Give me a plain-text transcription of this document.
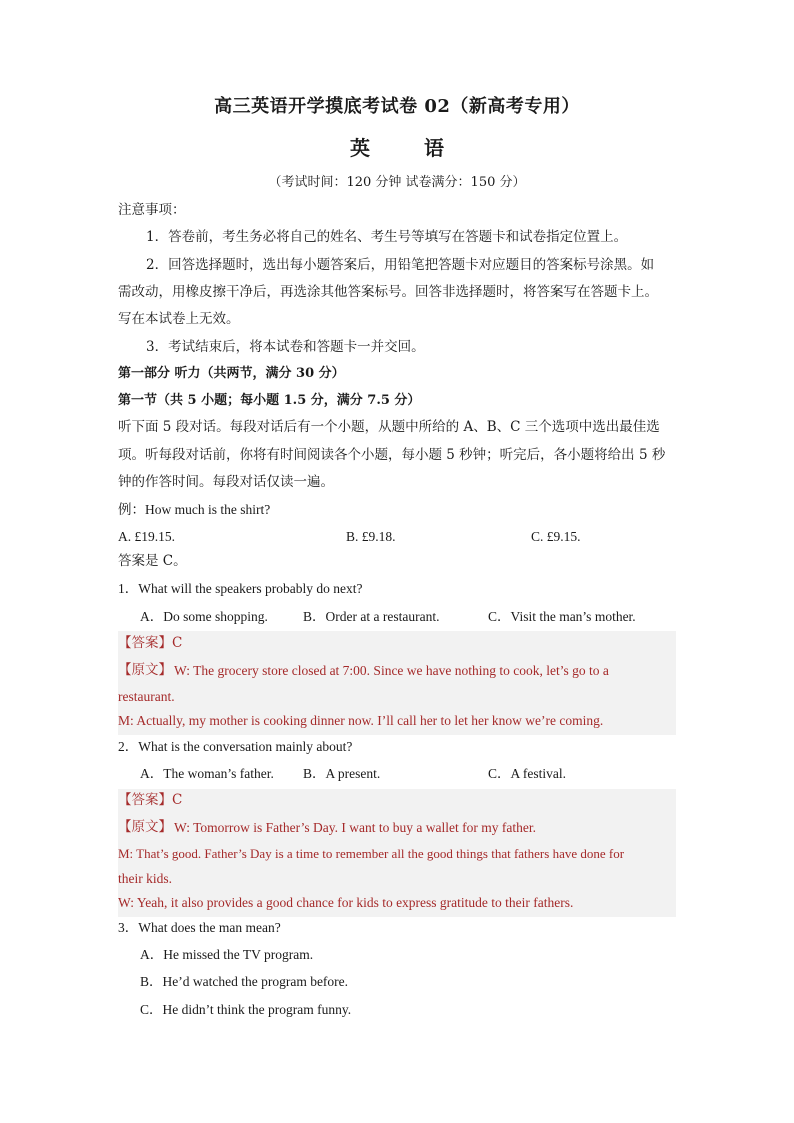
高三英语开学摸底考试卷 02（新高考专用）
英	语
（考试时间：120 分钟 试卷满分：150 分）
注意事项：
1．答卷前，考生务必将自己的姓名、考生号等填写在答题卡和试卷指定位置上。
2．回答选择题时，选出每小题答案后，用铅笔把答题卡对应题目的答案标号涂黑。如
需改动，用橡皮擦干净后，再选涂其他答案标号。回答非选择题时，将答案写在答题卡上。
写在本试卷上无效。
3．考试结束后，将本试卷和答题卡一并交回。
第一部分 听力（共两节，满分 30 分）
第一节（共 5 小题；每小题 1.5 分，满分 7.5 分）
听下面 5 段对话。每段对话后有一个小题，从题中所给的 A、B、C 三个选项中选出最佳选
项。听每段对话前，你将有时间阅读各个小题，每小题 5 秒钟；听完后，各小题将给出 5 秒
钟的作答时间。每段对话仅读一遍。
例：How much is the shirt?
A. £19.15.	B. £9.18.	C. £9.15.
答案是 C。
1．What will the speakers probably do next?
A．Do some shopping.	B．Order at a restaurant.	C．Visit the man’s mother.
【答案】C
【原文】 W: The grocery store closed at 7:00. Since we have nothing to cook, let’s go to a
restaurant.
M: Actually, my mother is cooking dinner now. I’ll call her to let her know we’re coming.
2．What is the conversation mainly about?
A．The woman’s father. B．A present.	C．A festival.
【答案】C
【原文】 W: Tomorrow is Father’s Day. I want to buy a wallet for my father.
M: That’s good. Father’s Day is a time to remember all the good things that fathers have done for
their kids.
W: Yeah, it also provides a good chance for kids to express gratitude to their fathers.
3．What does the man mean?
A．He missed the TV program.
B．He’d watched the program before.
C．He didn’t think the program funny.
